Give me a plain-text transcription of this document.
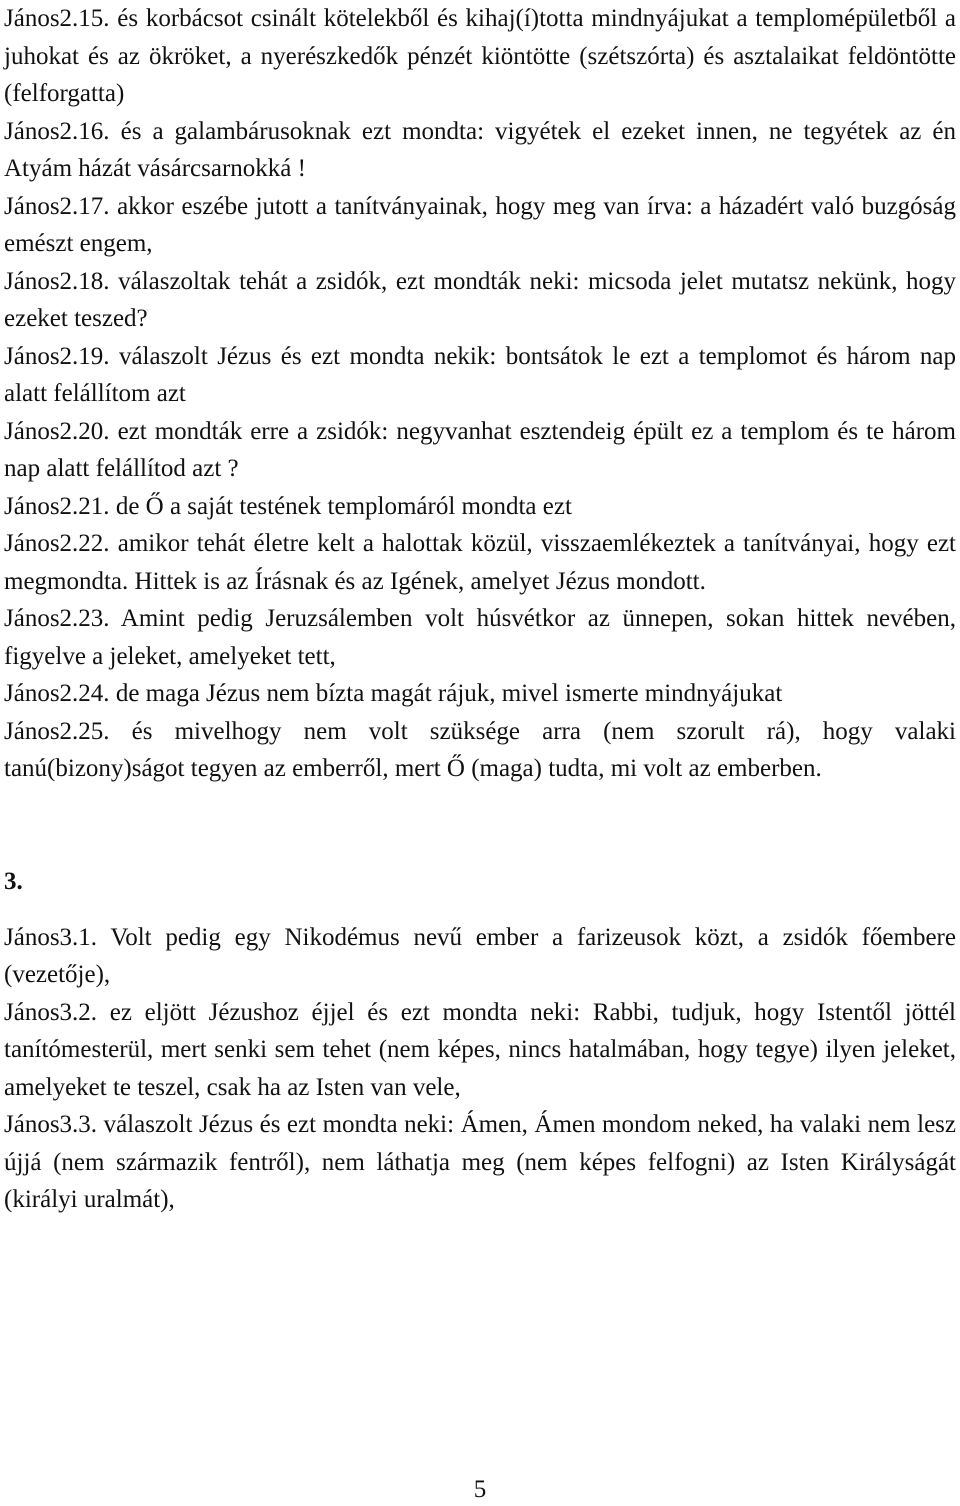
János2.15. és korbácsot csinált kötelekből és kihaj(í)totta mindnyájukat a templomépületből a juhokat és az ökröket, a nyerészkedők pénzét kiöntötte (szétszórta) és asztalaikat feldöntötte (felforgatta)

János2.16. és a galambárusoknak ezt mondta: vigyétek el ezeket innen, ne tegyétek az én Atyám házát vásárcsarnokká !

János2.17. akkor eszébe jutott a tanítványainak, hogy meg van írva: a házadért való buzgóság emészt engem,

János2.18. válaszoltak tehát a zsidók, ezt mondták neki: micsoda jelet mutatsz nekünk, hogy ezeket teszed?

János2.19. válaszolt Jézus és ezt mondta nekik: bontsátok le ezt a templomot és három nap alatt felállítom azt

János2.20. ezt mondták erre a zsidók: negyvanhat esztendeig épült ez a templom és te három nap alatt felállítod azt ?

János2.21. de Ő a saját testének templomáról mondta ezt

János2.22. amikor tehát életre kelt a halottak közül, visszaemlékeztek a tanítványai, hogy ezt megmondta. Hittek is az Írásnak és az Igének, amelyet Jézus mondott.

János2.23. Amint pedig Jeruzsálemben volt húsvétkor az ünnepen, sokan hittek nevében, figyelve a jeleket, amelyeket tett,

János2.24. de maga Jézus nem bízta magát rájuk, mivel ismerte mindnyájukat

János2.25. és mivelhogy nem volt szüksége arra (nem szorult rá), hogy valaki tanú(bizony)ságot tegyen az emberről, mert Ő (maga) tudta, mi volt az emberben.

3.

János3.1. Volt pedig egy Nikodémus nevű ember a farizeusok közt, a zsidók főembere (vezetője),

János3.2. ez eljött Jézushoz éjjel és ezt mondta neki: Rabbi, tudjuk, hogy Istentől jöttél tanítómesterül, mert senki sem tehet (nem képes, nincs hatalmában, hogy tegye) ilyen jeleket, amelyeket te teszel, csak ha az Isten van vele,

János3.3. válaszolt Jézus és ezt mondta neki: Ámen, Ámen mondom neked, ha valaki nem lesz újjá (nem származik fentről), nem láthatja meg (nem képes felfogni) az Isten Királyságát (királyi uralmát),

5
